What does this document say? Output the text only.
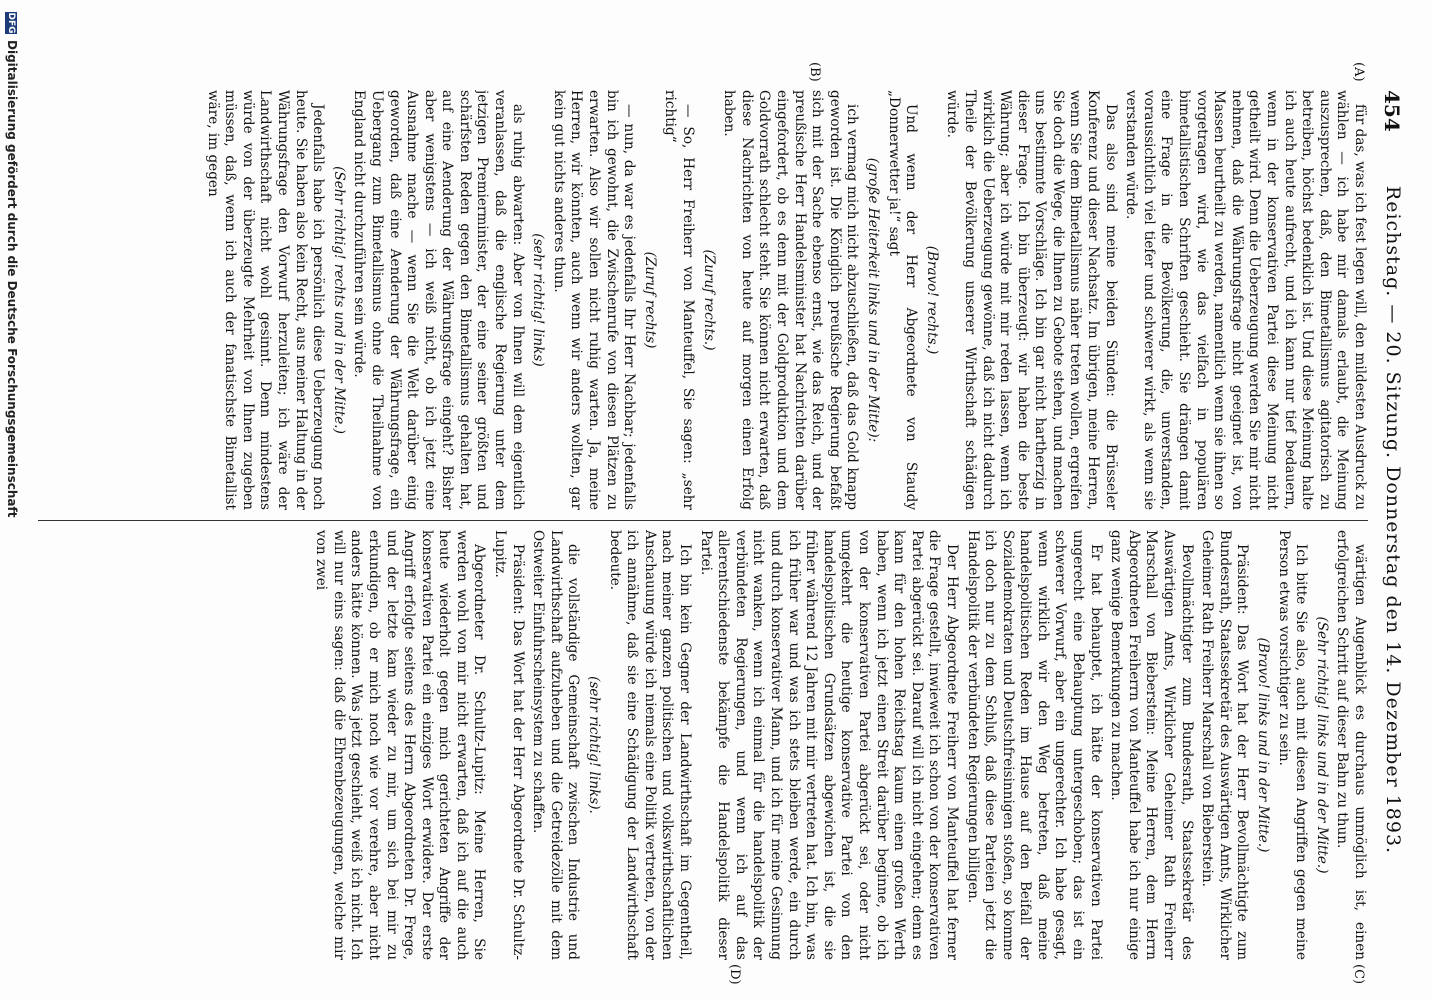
454
Reichstag. — 20. Sitzung. Donnerstag den 14. Dezember 1893.
(A)
(B)
(C)
(D)

für das, was ich fest legen will, den mildesten Ausdruck zu wählen — ich habe mir damals erlaubt, die Meinung auszusprechen, daß, den Bimetallismus agitatorisch zu betreiben, höchst bedenklich ist. Und diese Meinung halte ich auch heute aufrecht, und ich kann nur tief bedauern, wenn in der konservativen Partei diese Meinung nicht getheilt wird. Denn die Ueberzeugung werden Sie mir nicht nehmen, daß die Währungsfrage nicht geeignet ist, von Massen beurtheilt zu werden, namentlich wenn sie ihnen so vorgetragen wird, wie das vielfach in populären bimetallistischen Schriften geschieht. Sie drängen damit eine Frage in die Bevölkerung, die, unverstanden, voraussichtlich viel tiefer und schwerer wirkt, als wenn sie verstanden würde.

Das also sind meine beiden Sünden: die Brüsseler Konferenz und dieser Nachsatz. Im übrigen, meine Herren, wenn Sie dem Bimetallismus näher treten wollen, ergreifen Sie doch die Wege, die Ihnen zu Gebote stehen, und machen uns bestimmte Vorschläge. Ich bin gar nicht hartherzig in dieser Frage. Ich bin überzeugt: wir haben die beste Währung; aber ich würde mit mir reden lassen, wenn ich wirklich die Ueberzeugung gewönne, daß ich nicht dadurch Theile der Bevölkerung unserer Wirthschaft schädigen würde.

(Bravo! rechts.)

Und wenn der Herr Abgeordnete von Staudy „Donnerwetter ja!“ sagt

(große Heiterkeit links und in der Mitte):

ich vermag mich nicht abzuschließen, daß das Gold knapp geworden ist. Die Königlich preußische Regierung befaßt sich mit der Sache ebenso ernst, wie das Reich, und der preußische Herr Handelsminister hat Nachrichten darüber eingefordert, ob es denn mit der Goldproduktion und dem Goldvorrath schlecht steht. Sie können nicht erwarten, daß diese Nachrichten von heute auf morgen einen Erfolg haben.

(Zuruf rechts.)

— So, Herr Freiherr von Manteuffel, Sie sagen: „sehr richtig“

(Zuruf rechts)

— nun, da war es jedenfalls Ihr Herr Nachbar; jedenfalls bin ich gewohnt, die Zwischenrufe von diesen Plätzen zu erwarten. Also wir sollen nicht ruhig warten. Ja, meine Herren, wir könnten, auch wenn wir anders wollten, gar kein gut nichts anderes thun.

(sehr richtig! links)

als ruhig abwarten: Aber von Ihnen will dem eigentlich veranlassen, daß die englische Regierung unter dem jetzigen Premierminister, der eine seiner größten und schärfsten Reden gegen den Bimetallismus gehalten hat, auf eine Aenderung der Währungsfrage eingeht? Bisher aber wenigstens — ich weiß nicht, ob ich jetzt eine Ausnahme mache — wenn Sie die Welt darüber einig geworden, daß eine Aenderung der Währungsfrage, ein Uebergang zum Bimetallismus ohne die Theilnahme von England nicht durchzuführen sein würde.

(Sehr richtig! rechts und in der Mitte.)

Jedenfalls habe ich persönlich diese Ueberzeugung noch heute. Sie haben also kein Recht, aus meiner Haltung in der Währungsfrage den Vorwurf herzuleiten; ich wäre der Landwirthschaft nicht wohl gesinnt. Denn mindestens würde von der überzeugte Mehrheit von Ihnen zugeben müssen, daß, wenn ich auch der fanatischste Bimetallist wäre, im gegen

wärtigen Augenblick es durchaus unmöglich ist, einen erfolgreichen Schritt auf dieser Bahn zu thun.

(Sehr richtig! links und in der Mitte.)

Ich bitte Sie also, auch mit diesen Angriffen gegen meine Person etwas vorsichtiger zu sein.

(Bravo! links und in der Mitte.)

Präsident: Das Wort hat der Herr Bevollmächtigte zum Bundesrath, Staatssekretär des Auswärtigen Amts, Wirklicher Geheimer Rath Freiherr Marschall von Bieberstein.

Bevollmächtigter zum Bundesrath, Staatssekretär des Auswärtigen Amts, Wirklicher Geheimer Rath Freiherr Marschall von Bieberstein: Meine Herren, dem Herrn Abgeordneten Freiherrn von Manteuffel habe ich nur einige ganz wenige Bemerkungen zu machen.

Er hat behauptet, ich hätte der konservativen Partei ungerecht eine Behauptung untergeschoben; das ist ein schwerer Vorwurf, aber ein ungerechter. Ich habe gesagt, wenn wirklich wir den Weg betreten, daß meine handelspolitischen Reden im Hause auf den Beifall der Sozialdemokraten und Deutschfreisinnigen stoßen, so komme ich doch nur zu dem Schluß, daß diese Parteien jetzt die Handelspolitik der verbündeten Regierungen billigen.

Der Herr Abgeordnete Freiherr von Manteuffel hat ferner die Frage gestellt, inwieweit ich schon von der konservativen Partei abgerückt sei. Darauf will ich nicht eingehen; denn es kann für den hohen Reichstag kaum einen großen Werth haben, wenn ich jetzt einen Streit darüber beginne, ob ich von der konservativen Partei abgerückt sei, oder nicht umgekehrt die heutige konservative Partei von den handelspolitischen Grundsätzen abgewichen ist, die sie früher während 12 Jahren mit mir vertreten hat. Ich bin, was ich früher war und was ich stets bleiben werde, ein durch und durch konservativer Mann, und ich für meine Gesinnung nicht wanken, wenn ich einmal für die handelspolitik der verbündeten Regierungen, und wenn ich auf das allerentschiedenste bekämpfe die Handelspolitik dieser Partei.

Ich bin kein Gegner der Landwirthschaft im Gegentheil, nach meiner ganzen politischen und volkswirthschaftlichen Anschauung würde ich niemals eine Politik vertreten, von der ich annähme, daß sie eine Schädigung der Landwirthschaft bedeute.

(sehr richtig! links).

die vollständige Gemeinschaft zwischen Industrie und Landwirthschaft aufzuheben und die Getreidezölle mit dem Ostweiter Einfuhrscheinsystem zu schaffen.

Präsident: Das Wort hat der Herr Abgeordnete Dr. Schultz-Lupitz.

Abgeordneter Dr. Schultz-Lupitz: Meine Herren, Sie werden wohl von mir nicht erwarten, daß ich auf die auch heute wiederholt gegen mich gerichteten Angriffe der konservativen Partei ein einziges Wort erwidere. Der erste Angriff erfolgte seitens des Herrn Abgeordneten Dr. Frege, und der letzte kam wieder zu mir, um sich bei mir zu erkundigen, ob er mich noch wie vor verehre, aber nicht anders hätte können. Was jetzt geschieht, weiß ich nicht. Ich will nur eins sagen: daß die Ehrenbezeugungen, welche mir von zwei

DFGDigitalisierung gefördert durch die Deutsche Forschungsgemeinschaft
